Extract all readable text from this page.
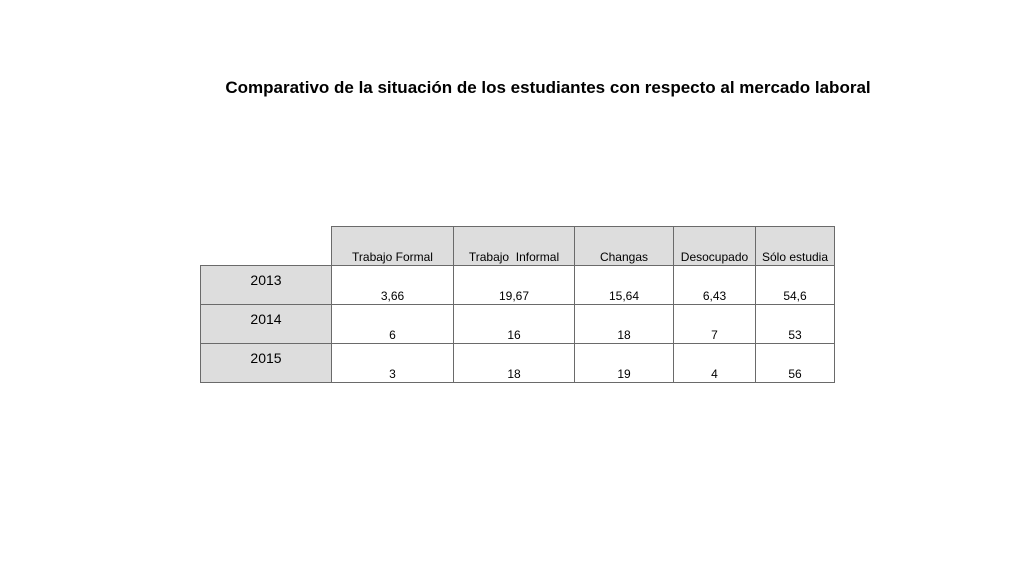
Comparativo de la situación de los estudiantes con respecto al mercado laboral
	Trabajo Formal	Trabajo  Informal	Changas	Desocupado	Sólo estudia
2013	3,66	19,67	15,64	6,43	54,6
2014	6	16	18	7	53
2015	3	18	19	4	56
